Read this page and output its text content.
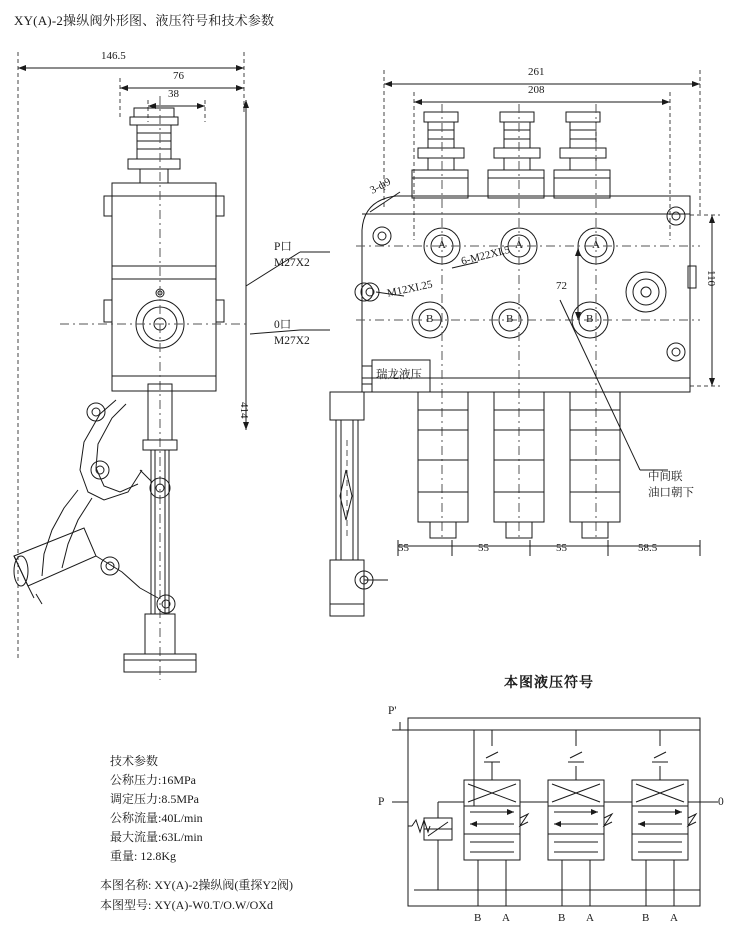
XY(A)-2操纵阀外形图、液压符号和技术参数
146.5
76
38
414
P口
M27X2
0口
M27X2
261
208
110
72
55	55	55	58.5
3-ф9
6-M22XI.5
M12XI.25
瑞龙液压
中间联
油口朝下
A	A	A
B	B	B
技术参数
公称压力:16MPa
调定压力:8.5MPa
公称流量:40L/min
最大流量:63L/min
重量: 12.8Kg
本图名称: XY(A)-2操纵阀(重探Y2阀)
本图型号: XY(A)-W0.T/O.W/OXd
本图液压符号
P'
P	0
B A	B A	B A
